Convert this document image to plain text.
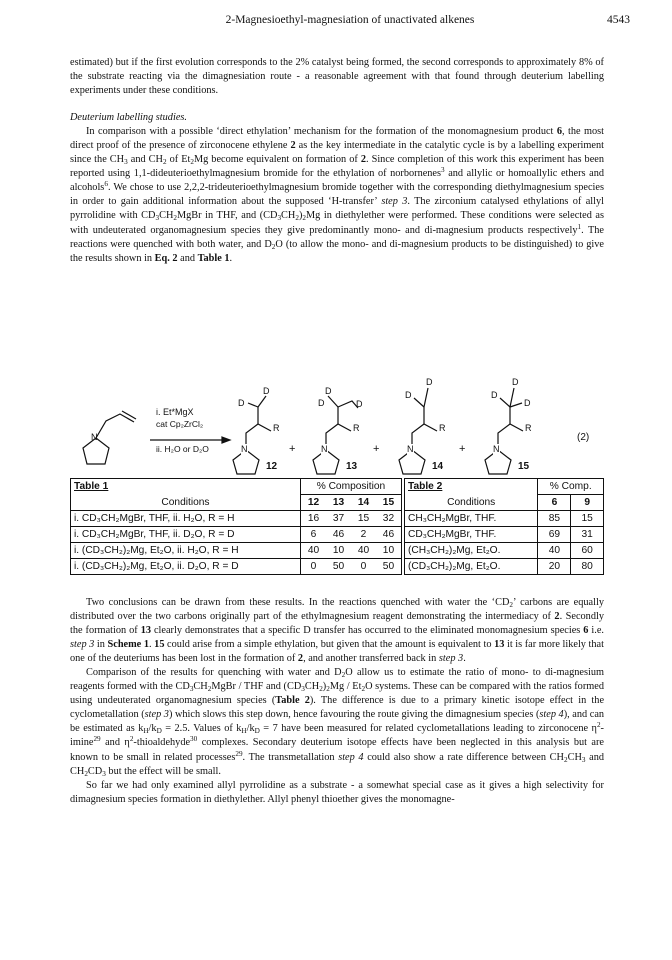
2-Magnesioethyl-magnesiation of unactivated alkenes	4543

estimated) but if the first evolution corresponds to the 2% catalyst being formed, the second corresponds to approximately 8% of the substrate reacting via the dimagnesiation route - a reasonable agreement with that found through deuterium labelling experiments under these conditions.

Deuterium labelling studies.

In comparison with a possible ‘direct ethylation’ mechanism for the formation of the monomagnesium product 6, the most direct proof of the presence of zirconocene ethylene 2 as the key intermediate in the catalytic cycle is by a labelling experiment since the $CH_3$ and $CH_2$ of $Et_2Mg$ become equivalent on formation of 2. Since completion of this work this experiment has been reported using 1,1-dideuterioethylmagnesium bromide for the ethylation of norbornenes$^3$ and allylic or homoallylic ethers and alcohols$^6$. We chose to use 2,2,2-trideuterioethylmagnesium bromide together with the corresponding diethylmagnesium species in order to gain additional information about the supposed ‘H-transfer’ step 3. The zirconium catalysed ethylations of allyl pyrrolidine with $CD_3CH_2MgBr$ in THF, and $(CD_3CH_2)_2Mg$ in diethylether were performed. These conditions were selected as with undeuterated organomagnesium species they give predominantly mono- and di-magnesium products respectively$^1$. The reactions were quenched with both water, and $D_2O$ (to allow the mono- and di-magnesium products to be distinguished) to give the results shown in Eq. 2 and Table 1.

i. Et*MgX
cat Cp₂ZrCl₂
ii. H₂O or D₂O
N
N	N	N	N
D
D
R
D
D	D
R
D
D
R
D
D
D
R
+	+	+
12	13	14	15
(2)
Table 1	% Composition			
Conditions	12	13	14	15
i. CD₃CH₂MgBr, THF, ii. H₂O, R = H	16	37	15	32
i. CD₃CH₂MgBr, THF, ii. D₂O, R = D	6	46	2	46
i. (CD₃CH₂)₂Mg, Et₂O, ii. H₂O, R = H	40	10	40	10
i. (CD₃CH₂)₂Mg, Et₂O, ii. D₂O, R = D	0	50	0	50
Table 2	% Comp.	
Conditions	6	9
CH₃CH₂MgBr, THF.	85	15
CD₃CH₂MgBr, THF.	69	31
(CH₃CH₂)₂Mg, Et₂O.	40	60
(CD₃CH₂)₂Mg, Et₂O.	20	80

Two conclusions can be drawn from these results. In the reactions quenched with water the ‘$CD_2$’ carbons are equally distributed over the two carbons originally part of the ethylmagnesium reagent demonstrating the intermediacy of 2. Secondly the formation of 13 clearly demonstrates that a specific D transfer has occurred to the eliminated monomagnesium species 6 i.e. step 3 in Scheme 1. 15 could arise from a simple ethylation, but given that the amount is equivalent to 13 it is far more likely that one of the deuteriums has been lost in the formation of 2, and another transferred back in step 3.

Comparison of the results for quenching with water and $D_2O$ allow us to estimate the ratio of mono- to di-magnesium reagents formed with the $CD_3CH_2MgBr$ / THF and $(CD_3CH_2)_2Mg / Et_2O$ systems. These can be compared with the ratios formed using undeuterated organomagnesium species (Table 2). The difference is due to a primary kinetic isotope effect in the cyclometallation (step 3) which slows this step down, hence favouring the route giving the dimagnesium species (step 4), and can be estimated as $k_H/k_D = 2.5$. Values of $k_H/k_D = 7$ have been measured for related cyclometallations leading to zirconocene $\eta^2-imine^{29}$ and $\eta^2-thioaldehyde^{30}$ complexes. Secondary deuterium isotope effects have been neglected in this analysis but are known to be small in related processes$^{29}$. The transmetallation step 4 could also show a rate difference between $CH_2CH_3$ and $CH_2CD_3$ but the effect will be small.

So far we had only examined allyl pyrrolidine as a substrate - a somewhat special case as it gives a high selectivity for dimagnesium species formation in diethylether. Allyl phenyl thioether gives the monomagne-
